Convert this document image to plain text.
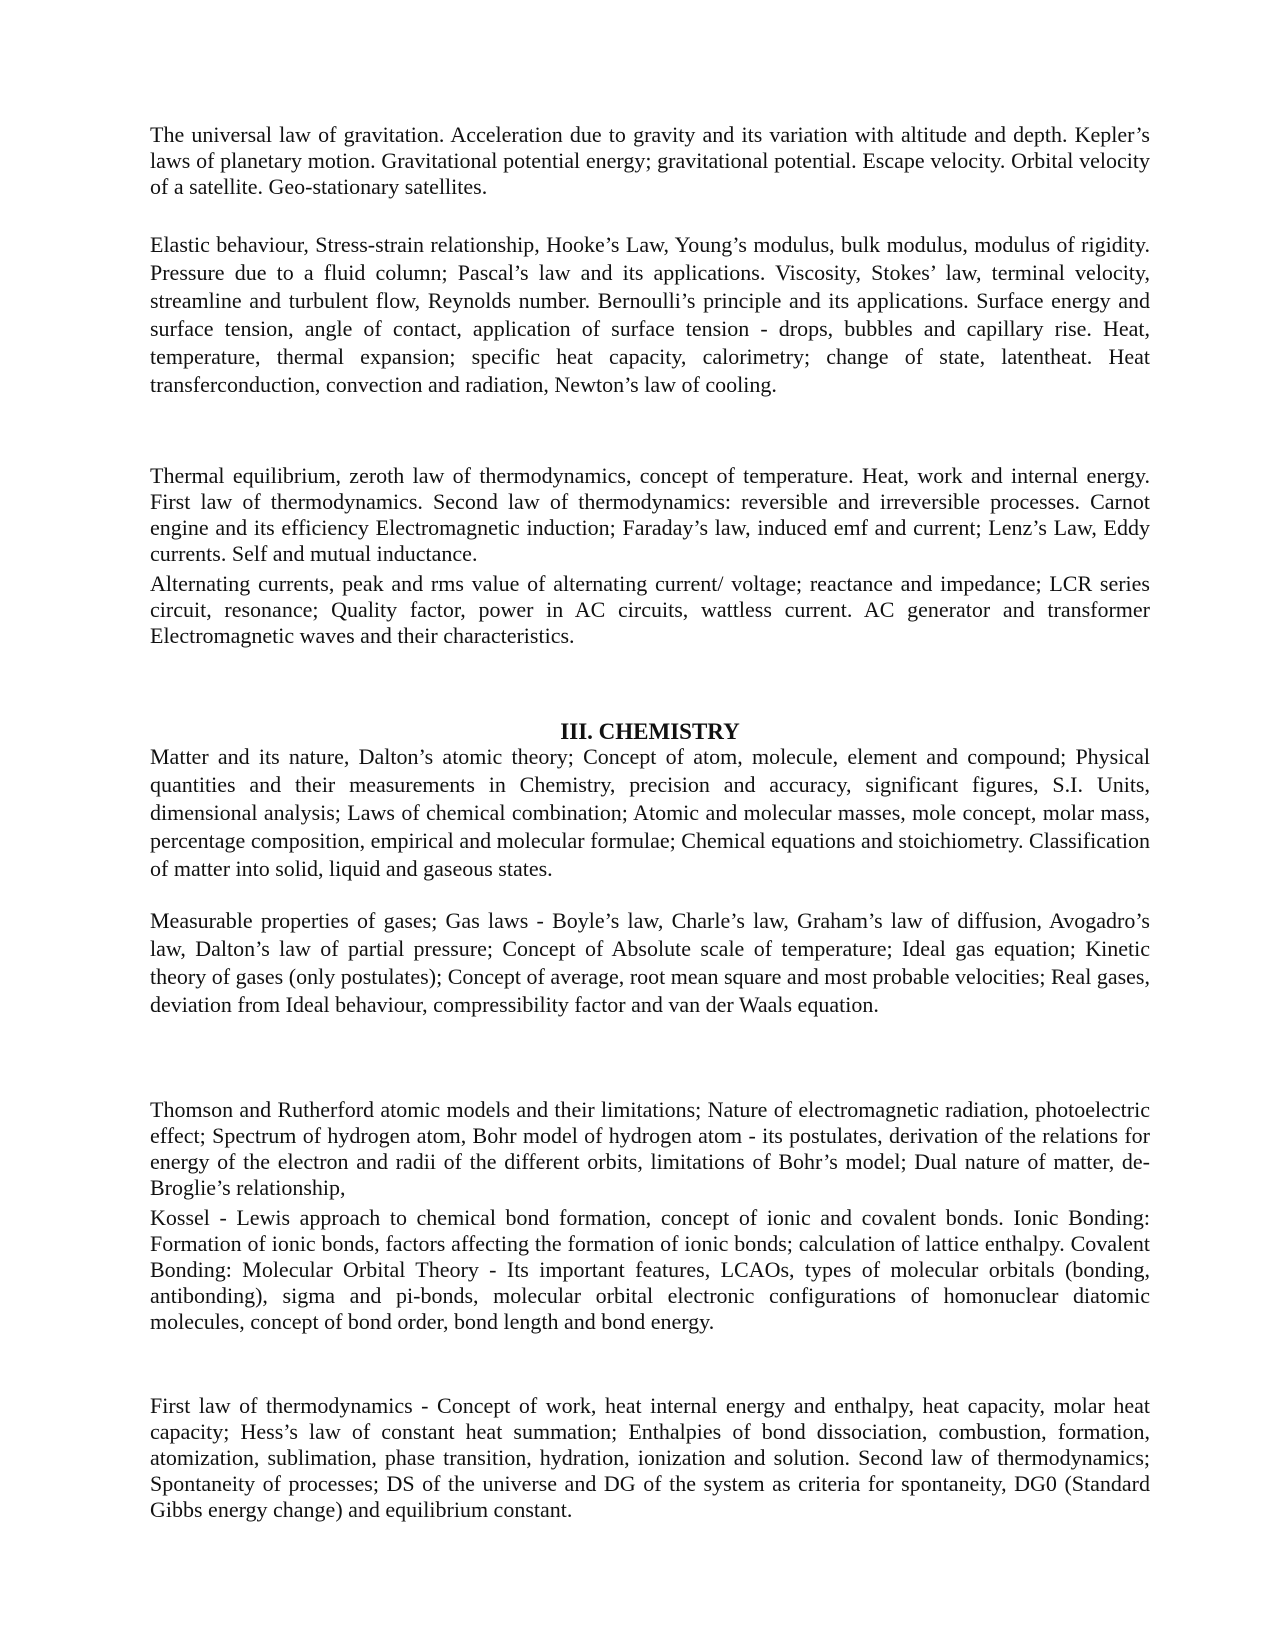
The universal law of gravitation. Acceleration due to gravity and its variation with altitude and depth. Kepler’s laws of planetary motion. Gravitational potential energy; gravitational potential. Escape velocity. Orbital velocity of a satellite. Geo-stationary satellites.

Elastic behaviour, Stress-strain relationship, Hooke’s Law, Young’s modulus, bulk modulus, modulus of rigidity. Pressure due to a fluid column; Pascal’s law and its applications. Viscosity, Stokes’ law, terminal velocity, streamline and turbulent flow, Reynolds number. Bernoulli’s principle and its applications. Surface energy and surface tension, angle of contact, application of surface tension - drops, bubbles and capillary rise. Heat, temperature, thermal expansion; specific heat capacity, calorimetry; change of state, latentheat. Heat transferconduction, convection and radiation, Newton’s law of cooling.

Thermal equilibrium, zeroth law of thermodynamics, concept of temperature. Heat, work and internal energy. First law of thermodynamics. Second law of thermodynamics: reversible and irreversible processes. Carnot engine and its efficiency Electromagnetic induction; Faraday’s law, induced emf and current; Lenz’s Law, Eddy currents. Self and mutual inductance.

Alternating currents, peak and rms value of alternating current/ voltage; reactance and impedance; LCR series circuit, resonance; Quality factor, power in AC circuits, wattless current. AC generator and transformer Electromagnetic waves and their characteristics.

III. CHEMISTRY

Matter and its nature, Dalton’s atomic theory; Concept of atom, molecule, element and compound; Physical quantities and their measurements in Chemistry, precision and accuracy, significant figures, S.I. Units, dimensional analysis; Laws of chemical combination; Atomic and molecular masses, mole concept, molar mass, percentage composition, empirical and molecular formulae; Chemical equations and stoichiometry. Classification of matter into solid, liquid and gaseous states.

Measurable properties of gases; Gas laws - Boyle’s law, Charle’s law, Graham’s law of diffusion, Avogadro’s law, Dalton’s law of partial pressure; Concept of Absolute scale of temperature; Ideal gas equation; Kinetic theory of gases (only postulates); Concept of average, root mean square and most probable velocities; Real gases, deviation from Ideal behaviour, compressibility factor and van der Waals equation.

Thomson and Rutherford atomic models and their limitations; Nature of electromagnetic radiation, photoelectric effect; Spectrum of hydrogen atom, Bohr model of hydrogen atom - its postulates, derivation of the relations for energy of the electron and radii of the different orbits, limitations of Bohr’s model; Dual nature of matter, de-Broglie’s relationship,

Kossel - Lewis approach to chemical bond formation, concept of ionic and covalent bonds. Ionic Bonding: Formation of ionic bonds, factors affecting the formation of ionic bonds; calculation of lattice enthalpy. Covalent Bonding: Molecular Orbital Theory - Its important features, LCAOs, types of molecular orbitals (bonding, antibonding), sigma and pi-bonds, molecular orbital electronic configurations of homonuclear diatomic molecules, concept of bond order, bond length and bond energy.

First law of thermodynamics - Concept of work, heat internal energy and enthalpy, heat capacity, molar heat capacity; Hess’s law of constant heat summation; Enthalpies of bond dissociation, combustion, formation, atomization, sublimation, phase transition, hydration, ionization and solution. Second law of thermodynamics; Spontaneity of processes; DS of the universe and DG of the system as criteria for spontaneity, DG0 (Standard Gibbs energy change) and equilibrium constant.
